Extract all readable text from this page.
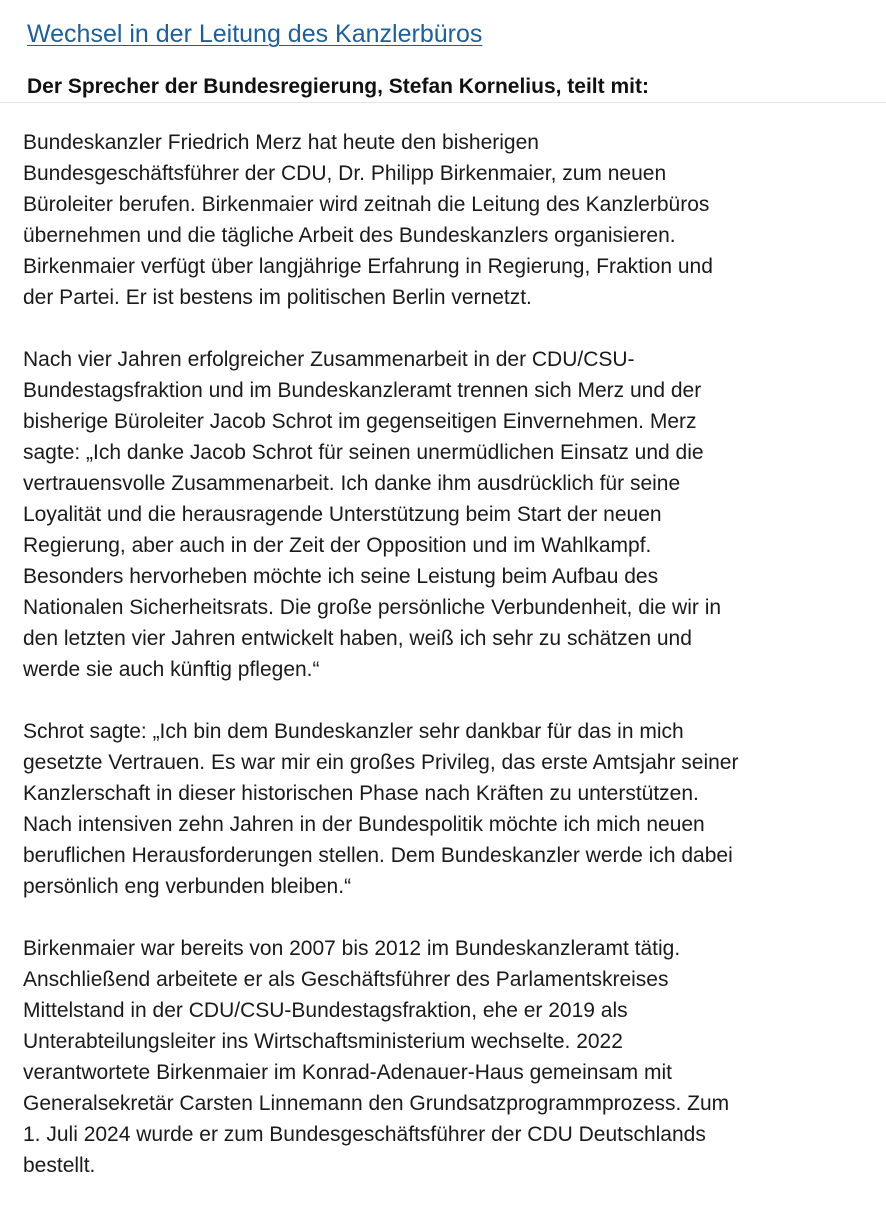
Wechsel in der Leitung des Kanzlerbüros
Der Sprecher der Bundesregierung, Stefan Kornelius, teilt mit:

Bundeskanzler Friedrich Merz hat heute den bisherigen
Bundesgeschäftsführer der CDU, Dr. Philipp Birkenmaier, zum neuen
Büroleiter berufen. Birkenmaier wird zeitnah die Leitung des Kanzlerbüros
übernehmen und die tägliche Arbeit des Bundeskanzlers organisieren.
Birkenmaier verfügt über langjährige Erfahrung in Regierung, Fraktion und
der Partei. Er ist bestens im politischen Berlin vernetzt.

Nach vier Jahren erfolgreicher Zusammenarbeit in der CDU/CSU-
Bundestagsfraktion und im Bundeskanzleramt trennen sich Merz und der
bisherige Büroleiter Jacob Schrot im gegenseitigen Einvernehmen. Merz
sagte: „Ich danke Jacob Schrot für seinen unermüdlichen Einsatz und die
vertrauensvolle Zusammenarbeit. Ich danke ihm ausdrücklich für seine
Loyalität und die herausragende Unterstützung beim Start der neuen
Regierung, aber auch in der Zeit der Opposition und im Wahlkampf.
Besonders hervorheben möchte ich seine Leistung beim Aufbau des
Nationalen Sicherheitsrats. Die große persönliche Verbundenheit, die wir in
den letzten vier Jahren entwickelt haben, weiß ich sehr zu schätzen und
werde sie auch künftig pflegen.“

Schrot sagte: „Ich bin dem Bundeskanzler sehr dankbar für das in mich
gesetzte Vertrauen. Es war mir ein großes Privileg, das erste Amtsjahr seiner
Kanzlerschaft in dieser historischen Phase nach Kräften zu unterstützen.
Nach intensiven zehn Jahren in der Bundespolitik möchte ich mich neuen
beruflichen Herausforderungen stellen. Dem Bundeskanzler werde ich dabei
persönlich eng verbunden bleiben.“

Birkenmaier war bereits von 2007 bis 2012 im Bundeskanzleramt tätig.
Anschließend arbeitete er als Geschäftsführer des Parlamentskreises
Mittelstand in der CDU/CSU-Bundestagsfraktion, ehe er 2019 als
Unterabteilungsleiter ins Wirtschaftsministerium wechselte. 2022
verantwortete Birkenmaier im Konrad-Adenauer-Haus gemeinsam mit
Generalsekretär Carsten Linnemann den Grundsatzprogrammprozess. Zum
1. Juli 2024 wurde er zum Bundesgeschäftsführer der CDU Deutschlands
bestellt.
